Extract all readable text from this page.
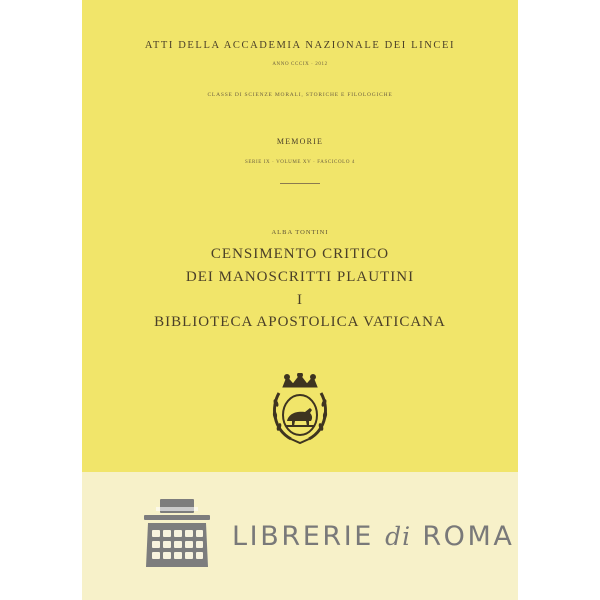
ATTI DELLA ACCADEMIA NAZIONALE DEI LINCEI
ANNO CCCIX · 2012
CLASSE DI SCIENZE MORALI, STORICHE E FILOLOGICHE
MEMORIE
SERIE IX · VOLUME XV · FASCICOLO 4
ALBA TONTINI
CENSIMENTO CRITICO
DEI MANOSCRITTI PLAUTINI
I
BIBLIOTECA APOSTOLICA VATICANA
LIBRERIE di ROMA
